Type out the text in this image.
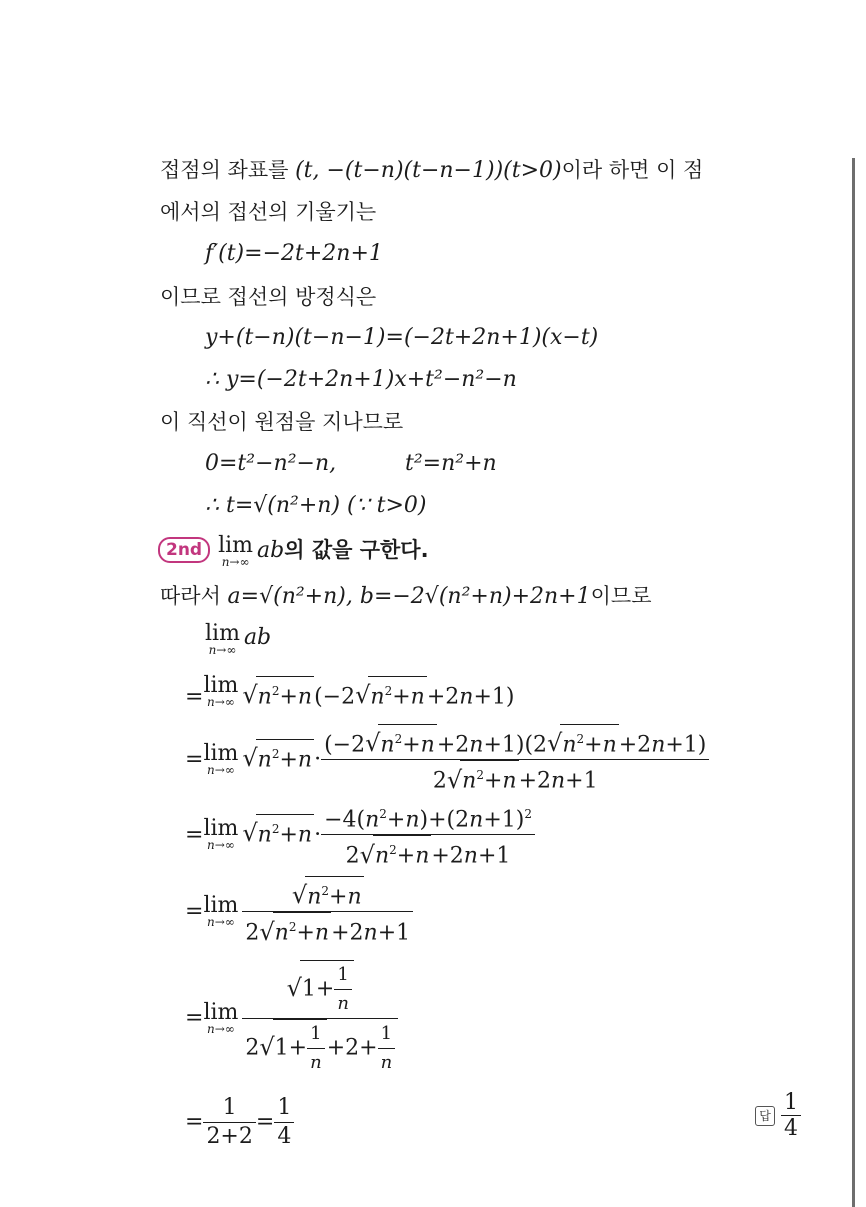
접점의 좌표를 (t, −(t−n)(t−n−1))(t>0)이라 하면 이 점
에서의 접선의 기울기는
f′(t)=−2t+2n+1
이므로 접선의 방정식은
y+(t−n)(t−n−1)=(−2t+2n+1)(x−t)
∴ y=(−2t+2n+1)x+t²−n²−n
이 직선이 원점을 지나므로
0=t²−n²−n,	t²=n²+n
∴ t=√(n²+n) (∵ t>0)
2nd lim
n→∞ ab의 값을 구한다.
따라서 a=√(n²+n), b=−2√(n²+n)+2n+1이므로
lim
n→∞ ab
= lim
n→∞ $√n^2+n(-2√n^2+n+2n+1)$
= lim
n→∞ $√n^2+n\cdot \frac{(-2√n^2+n+2n+1)(2√n^2+n+2n+1)}{2√n^2+n+2n+1}$
= lim
n→∞ $√n^2+n\cdot \frac{-4(n^2+n)+(2n+1)^2}{2√n^2+n+2n+1}$
= lim
$n\to\infty \frac{√n^2+n}{2√n^2+n+2n+1}$
= lim
$n\to\infty \frac{√1+ \frac{1}{n}}{2√1+ \frac{1}{n} +2+ \frac{1}{n}}$
= $\frac{1}{2+2} = \frac{1}{4}$	답 $\frac{1}{4}$
